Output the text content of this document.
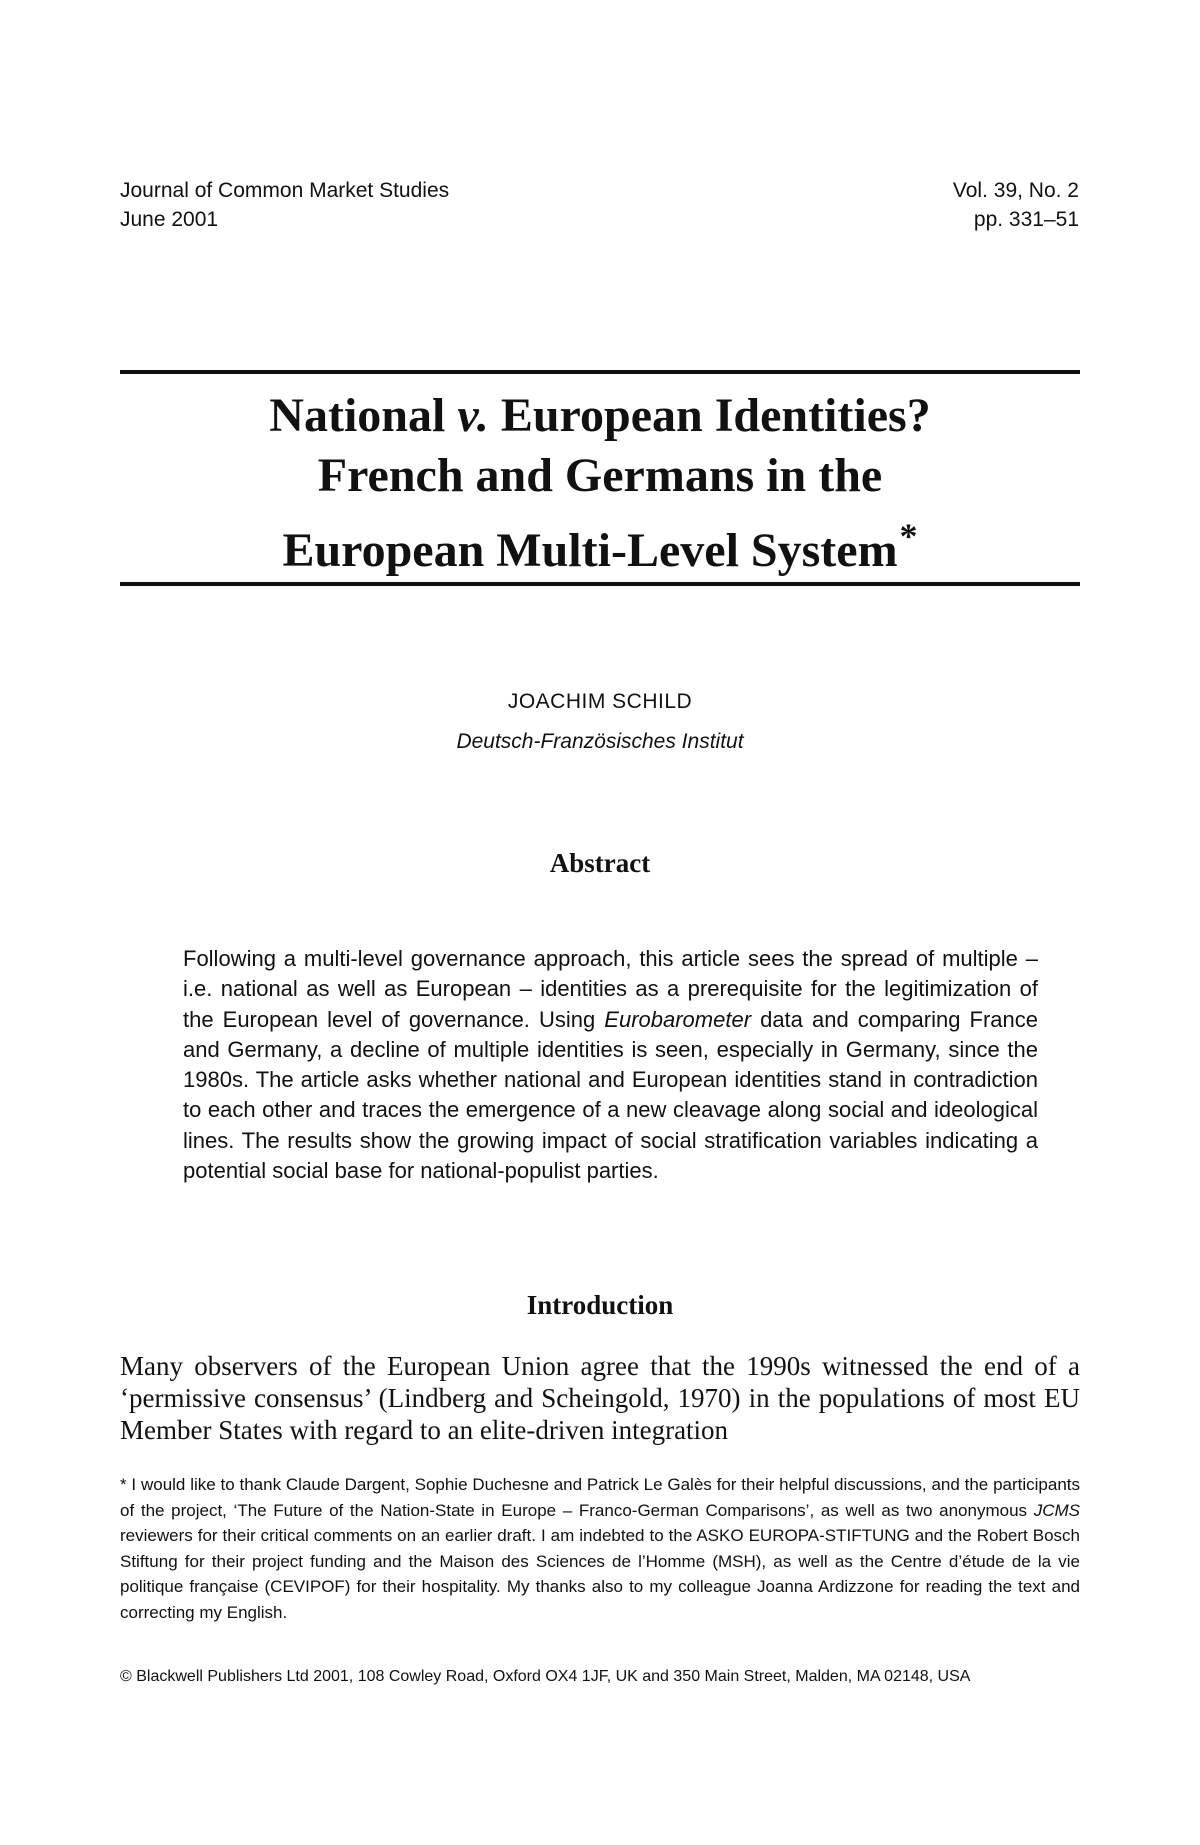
Journal of Common Market Studies
June 2001
Vol. 39, No. 2
pp. 331–51
National v. European Identities?
French and Germans in the
European Multi-Level System*
JOACHIM SCHILD
Deutsch-Französisches Institut
Abstract
Following a multi-level governance approach, this article sees the spread of multiple – i.e. national as well as European – identities as a prerequisite for the legitimization of the European level of governance. Using Eurobarometer data and comparing France and Germany, a decline of multiple identities is seen, especially in Germany, since the 1980s. The article asks whether national and European identities stand in contradiction to each other and traces the emergence of a new cleavage along social and ideological lines. The results show the growing impact of social stratification variables indicating a potential social base for national-populist parties.
Introduction
Many observers of the European Union agree that the 1990s witnessed the end of a ‘permissive consensus’ (Lindberg and Scheingold, 1970) in the populations of most EU Member States with regard to an elite-driven integration
* I would like to thank Claude Dargent, Sophie Duchesne and Patrick Le Galès for their helpful discussions, and the participants of the project, ‘The Future of the Nation-State in Europe – Franco-German Comparisons’, as well as two anonymous JCMS reviewers for their critical comments on an earlier draft. I am indebted to the ASKO EUROPA-STIFTUNG and the Robert Bosch Stiftung for their project funding and the Maison des Sciences de l’Homme (MSH), as well as the Centre d’étude de la vie politique française (CEVIPOF) for their hospitality. My thanks also to my colleague Joanna Ardizzone for reading the text and correcting my English.
© Blackwell Publishers Ltd 2001, 108 Cowley Road, Oxford OX4 1JF, UK and 350 Main Street, Malden, MA 02148, USA
